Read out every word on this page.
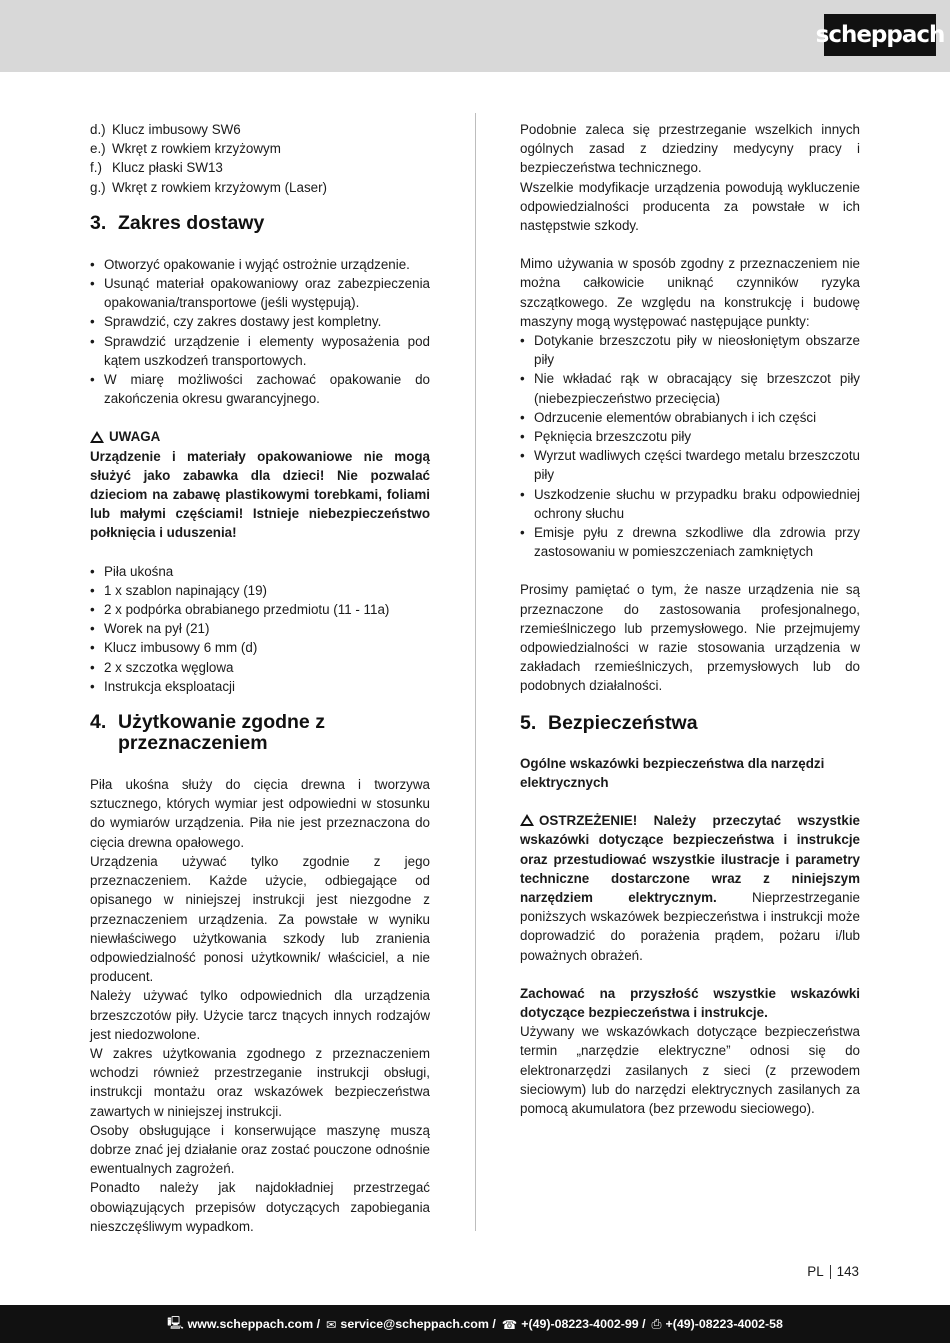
scheppach
d.) Klucz imbusowy SW6
e.) Wkręt z rowkiem krzyżowym
f.) Klucz płaski SW13
g.) Wkręt z rowkiem krzyżowym (Laser)
3. Zakres dostawy
• Otworzyć opakowanie i wyjąć ostrożnie urządzenie.
• Usunąć materiał opakowaniowy oraz zabezpieczenia opakowania/transportowe (jeśli występują).
• Sprawdzić, czy zakres dostawy jest kompletny.
• Sprawdzić urządzenie i elementy wyposażenia pod kątem uszkodzeń transportowych.
• W miarę możliwości zachować opakowanie do zakończenia okresu gwarancyjnego.
UWAGA

Urządzenie i materiały opakowaniowe nie mogą służyć jako zabawka dla dzieci! Nie pozwalać dzieciom na zabawę plastikowymi torebkami, foliami lub małymi częściami! Istnieje niebezpieczeństwo połknięcia i uduszenia!

• Piła ukośna
• 1 x szablon napinający (19)
• 2 x podpórka obrabianego przedmiotu (11 - 11a)
• Worek na pył (21)
• Klucz imbusowy 6 mm (d)
• 2 x szczotka węglowa
• Instrukcja eksploatacji
4. Użytkowanie zgodne z
przeznaczeniem

Piła ukośna służy do cięcia drewna i tworzywa sztucznego, których wymiar jest odpowiedni w stosunku do wymiarów urządzenia. Piła nie jest przeznaczona do cięcia drewna opałowego.

Urządzenia używać tylko zgodnie z jego przeznaczeniem. Każde użycie, odbiegające od opisanego w niniejszej instrukcji jest niezgodne z przeznaczeniem urządzenia. Za powstałe w wyniku niewłaściwego użytkowania szkody lub zranienia odpowiedzialność ponosi użytkownik/ właściciel, a nie producent.

Należy używać tylko odpowiednich dla urządzenia brzeszczotów piły. Użycie tarcz tnących innych rodzajów jest niedozwolone.

W zakres użytkowania zgodnego z przeznaczeniem wchodzi również przestrzeganie instrukcji obsługi, instrukcji montażu oraz wskazówek bezpieczeństwa zawartych w niniejszej instrukcji.

Osoby obsługujące i konserwujące maszynę muszą dobrze znać jej działanie oraz zostać pouczone odnośnie ewentualnych zagrożeń.

Ponadto należy jak najdokładniej przestrzegać obowiązujących przepisów dotyczących zapobiegania nieszczęśliwym wypadkom.

Podobnie zaleca się przestrzeganie wszelkich innych ogólnych zasad z dziedziny medycyny pracy i bezpieczeństwa technicznego.

Wszelkie modyfikacje urządzenia powodują wykluczenie odpowiedzialności producenta za powstałe w ich następstwie szkody.

Mimo używania w sposób zgodny z przeznaczeniem nie można całkowicie uniknąć czynników ryzyka szczątkowego. Ze względu na konstrukcję i budowę maszyny mogą występować następujące punkty:

• Dotykanie brzeszczotu piły w nieosłoniętym obszarze piły
• Nie wkładać rąk w obracający się brzeszczot piły (niebezpieczeństwo przecięcia)
• Odrzucenie elementów obrabianych i ich części
• Pęknięcia brzeszczotu piły
• Wyrzut wadliwych części twardego metalu brzeszczotu piły
• Uszkodzenie słuchu w przypadku braku odpowiedniej ochrony słuchu
• Emisje pyłu z drewna szkodliwe dla zdrowia przy zastosowaniu w pomieszczeniach zamkniętych

Prosimy pamiętać o tym, że nasze urządzenia nie są przeznaczone do zastosowania profesjonalnego, rzemieślniczego lub przemysłowego. Nie przejmujemy odpowiedzialności w razie stosowania urządzenia w zakładach rzemieślniczych, przemysłowych lub do podobnych działalności.

5. Bezpieczeństwa

Ogólne wskazówki bezpieczeństwa dla narzędzi elektrycznych

OSTRZEŻENIE! Należy przeczytać wszystkie wskazówki dotyczące bezpieczeństwa i instrukcje oraz przestudiować wszystkie ilustracje i parametry techniczne dostarczone wraz z niniejszym narzędziem elektrycznym. Nieprzestrzeganie poniższych wskazówek bezpieczeństwa i instrukcji może doprowadzić do porażenia prądem, pożaru i/lub poważnych obrażeń.

Zachować na przyszłość wszystkie wskazówki dotyczące bezpieczeństwa i instrukcje.

Używany we wskazówkach dotyczące bezpieczeństwa termin „narzędzie elektryczne” odnosi się do elektronarzędzi zasilanych z sieci (z przewodem sieciowym) lub do narzędzi elektrycznych zasilanych za pomocą akumulatora (bez przewodu sieciowego).

PL 143
🖳 www.scheppach.com / ✉ service@scheppach.com / ☎ +(49)-08223-4002-99 / ⎙ +(49)-08223-4002-58
